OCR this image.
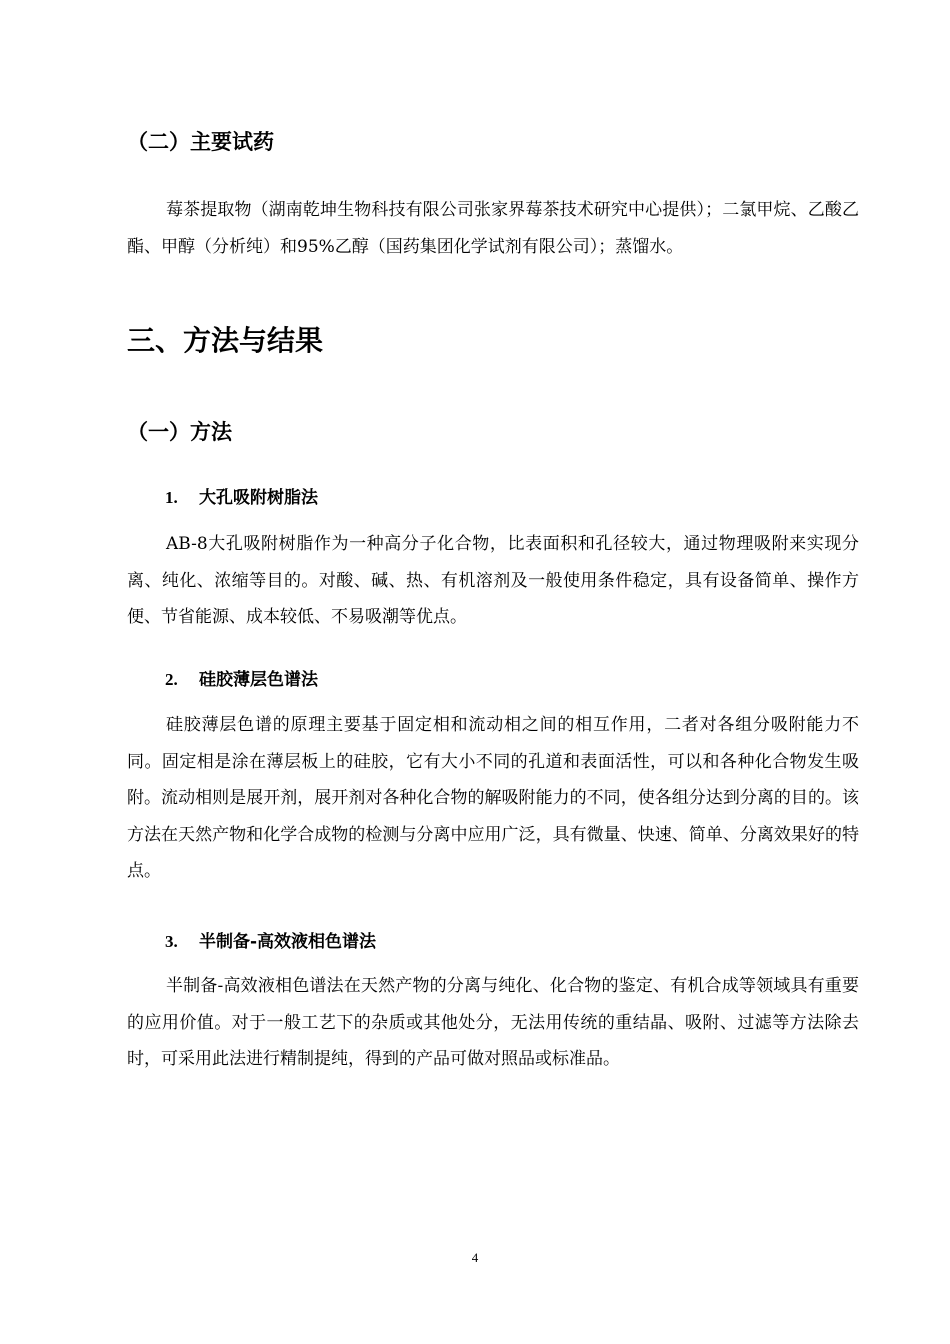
（二）主要试药

莓茶提取物（湖南乾坤生物科技有限公司张家界莓茶技术研究中心提供）；二氯甲烷、乙酸乙酯、甲醇（分析纯）和95%乙醇（国药集团化学试剂有限公司）；蒸馏水。

三、方法与结果
（一）方法
1. 大孔吸附树脂法

AB-8大孔吸附树脂作为一种高分子化合物，比表面积和孔径较大，通过物理吸附来实现分离、纯化、浓缩等目的。对酸、碱、热、有机溶剂及一般使用条件稳定，具有设备简单、操作方便、节省能源、成本较低、不易吸潮等优点。

2. 硅胶薄层色谱法

硅胶薄层色谱的原理主要基于固定相和流动相之间的相互作用，二者对各组分吸附能力不同。固定相是涂在薄层板上的硅胶，它有大小不同的孔道和表面活性，可以和各种化合物发生吸附。流动相则是展开剂，展开剂对各种化合物的解吸附能力的不同，使各组分达到分离的目的。该方法在天然产物和化学合成物的检测与分离中应用广泛，具有微量、快速、简单、分离效果好的特点。

3. 半制备-高效液相色谱法

半制备-高效液相色谱法在天然产物的分离与纯化、化合物的鉴定、有机合成等领域具有重要的应用价值。对于一般工艺下的杂质或其他处分，无法用传统的重结晶、吸附、过滤等方法除去时，可采用此法进行精制提纯，得到的产品可做对照品或标准品。

4
